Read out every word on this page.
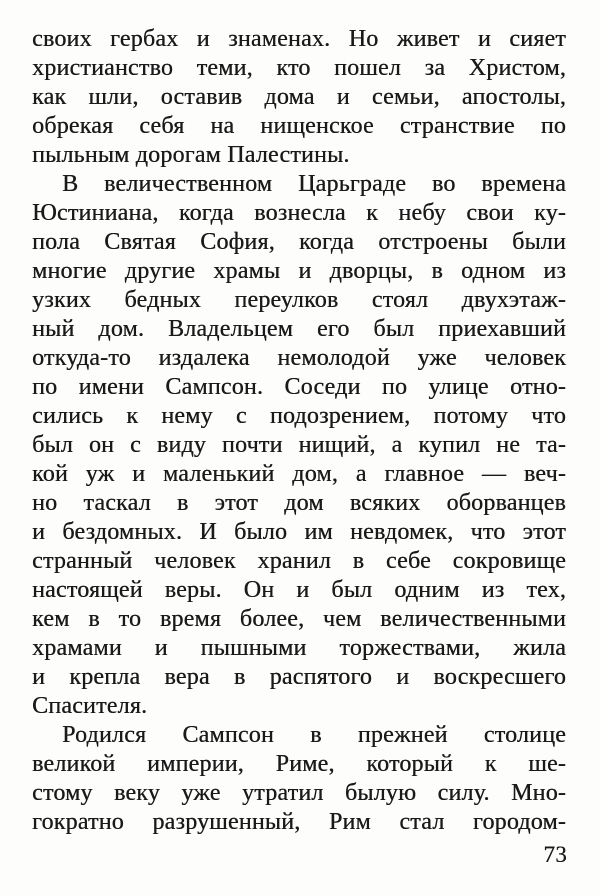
своих гербах и знаменах. Но живет и сияет
христианство теми, кто пошел за Христом,
как шли, оставив дома и семьи, апостолы,
обрекая себя на нищенское странствие по
пыльным дорогам Палестины.
В величественном Царьграде во времена
Юстиниана, когда вознесла к небу свои ку-
пола Святая София, когда отстроены были
многие другие храмы и дворцы, в одном из
узких бедных переулков стоял двухэтаж-
ный дом. Владельцем его был приехавший
откуда-то издалека немолодой уже человек
по имени Сампсон. Соседи по улице отно-
сились к нему с подозрением, потому что
был он с виду почти нищий, а купил не та-
кой уж и маленький дом, а главное — веч-
но таскал в этот дом всяких оборванцев
и бездомных. И было им невдомек, что этот
странный человек хранил в себе сокровище
настоящей веры. Он и был одним из тех,
кем в то время более, чем величественными
храмами и пышными торжествами, жила
и крепла вера в распятого и воскресшего
Спасителя.
Родился Сампсон в прежней столице
великой империи, Риме, который к ше-
стому веку уже утратил былую силу. Мно-
гократно разрушенный, Рим стал городом-
73
